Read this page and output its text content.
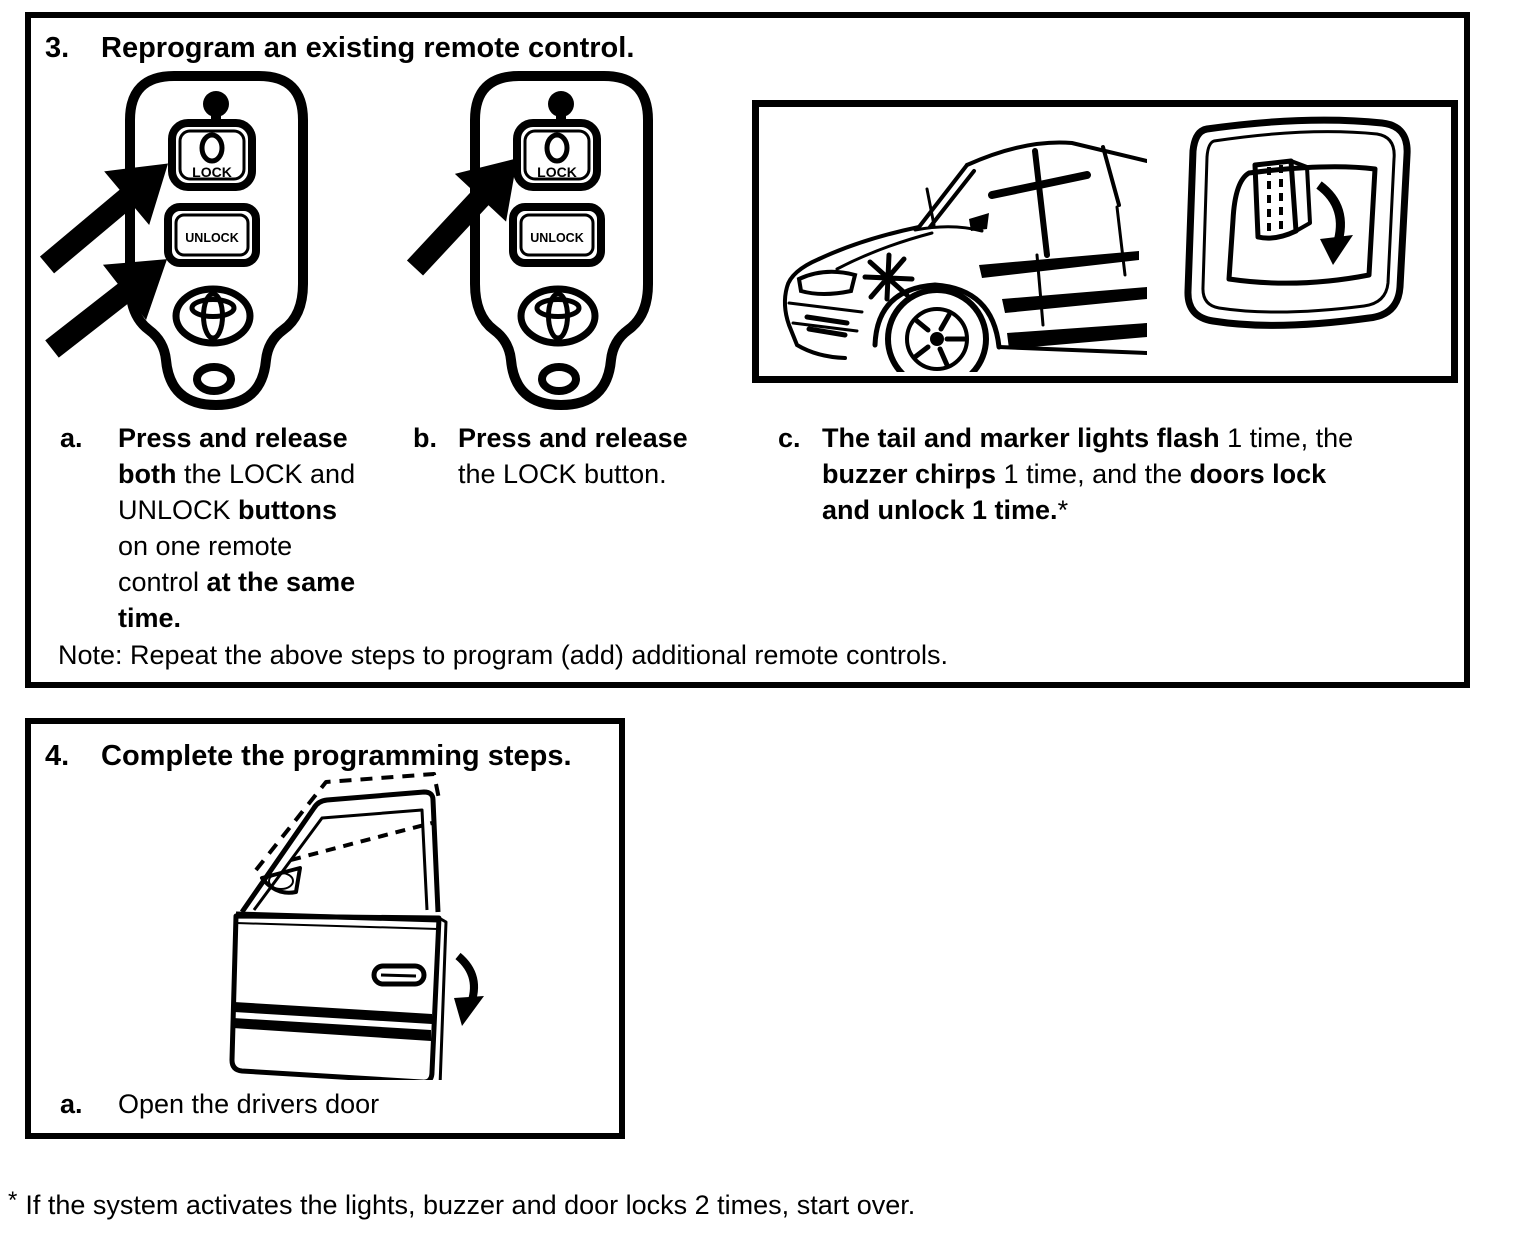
3.	Reprogram an existing remote control.
LOCK
UNLOCK
LOCK
UNLOCK
a.	Press and release
both the LOCK and
UNLOCK buttons
on one remote
control at the same
time.
b. Press and release
the LOCK button.
c. The tail and marker lights flash 1 time, the
buzzer chirps 1 time, and the doors lock
and unlock 1 time.*
Note: Repeat the above steps to program (add) additional remote controls.
4.	Complete the programming steps.
a.	Open the drivers door
* If the system activates the lights, buzzer and door locks 2 times, start over.
